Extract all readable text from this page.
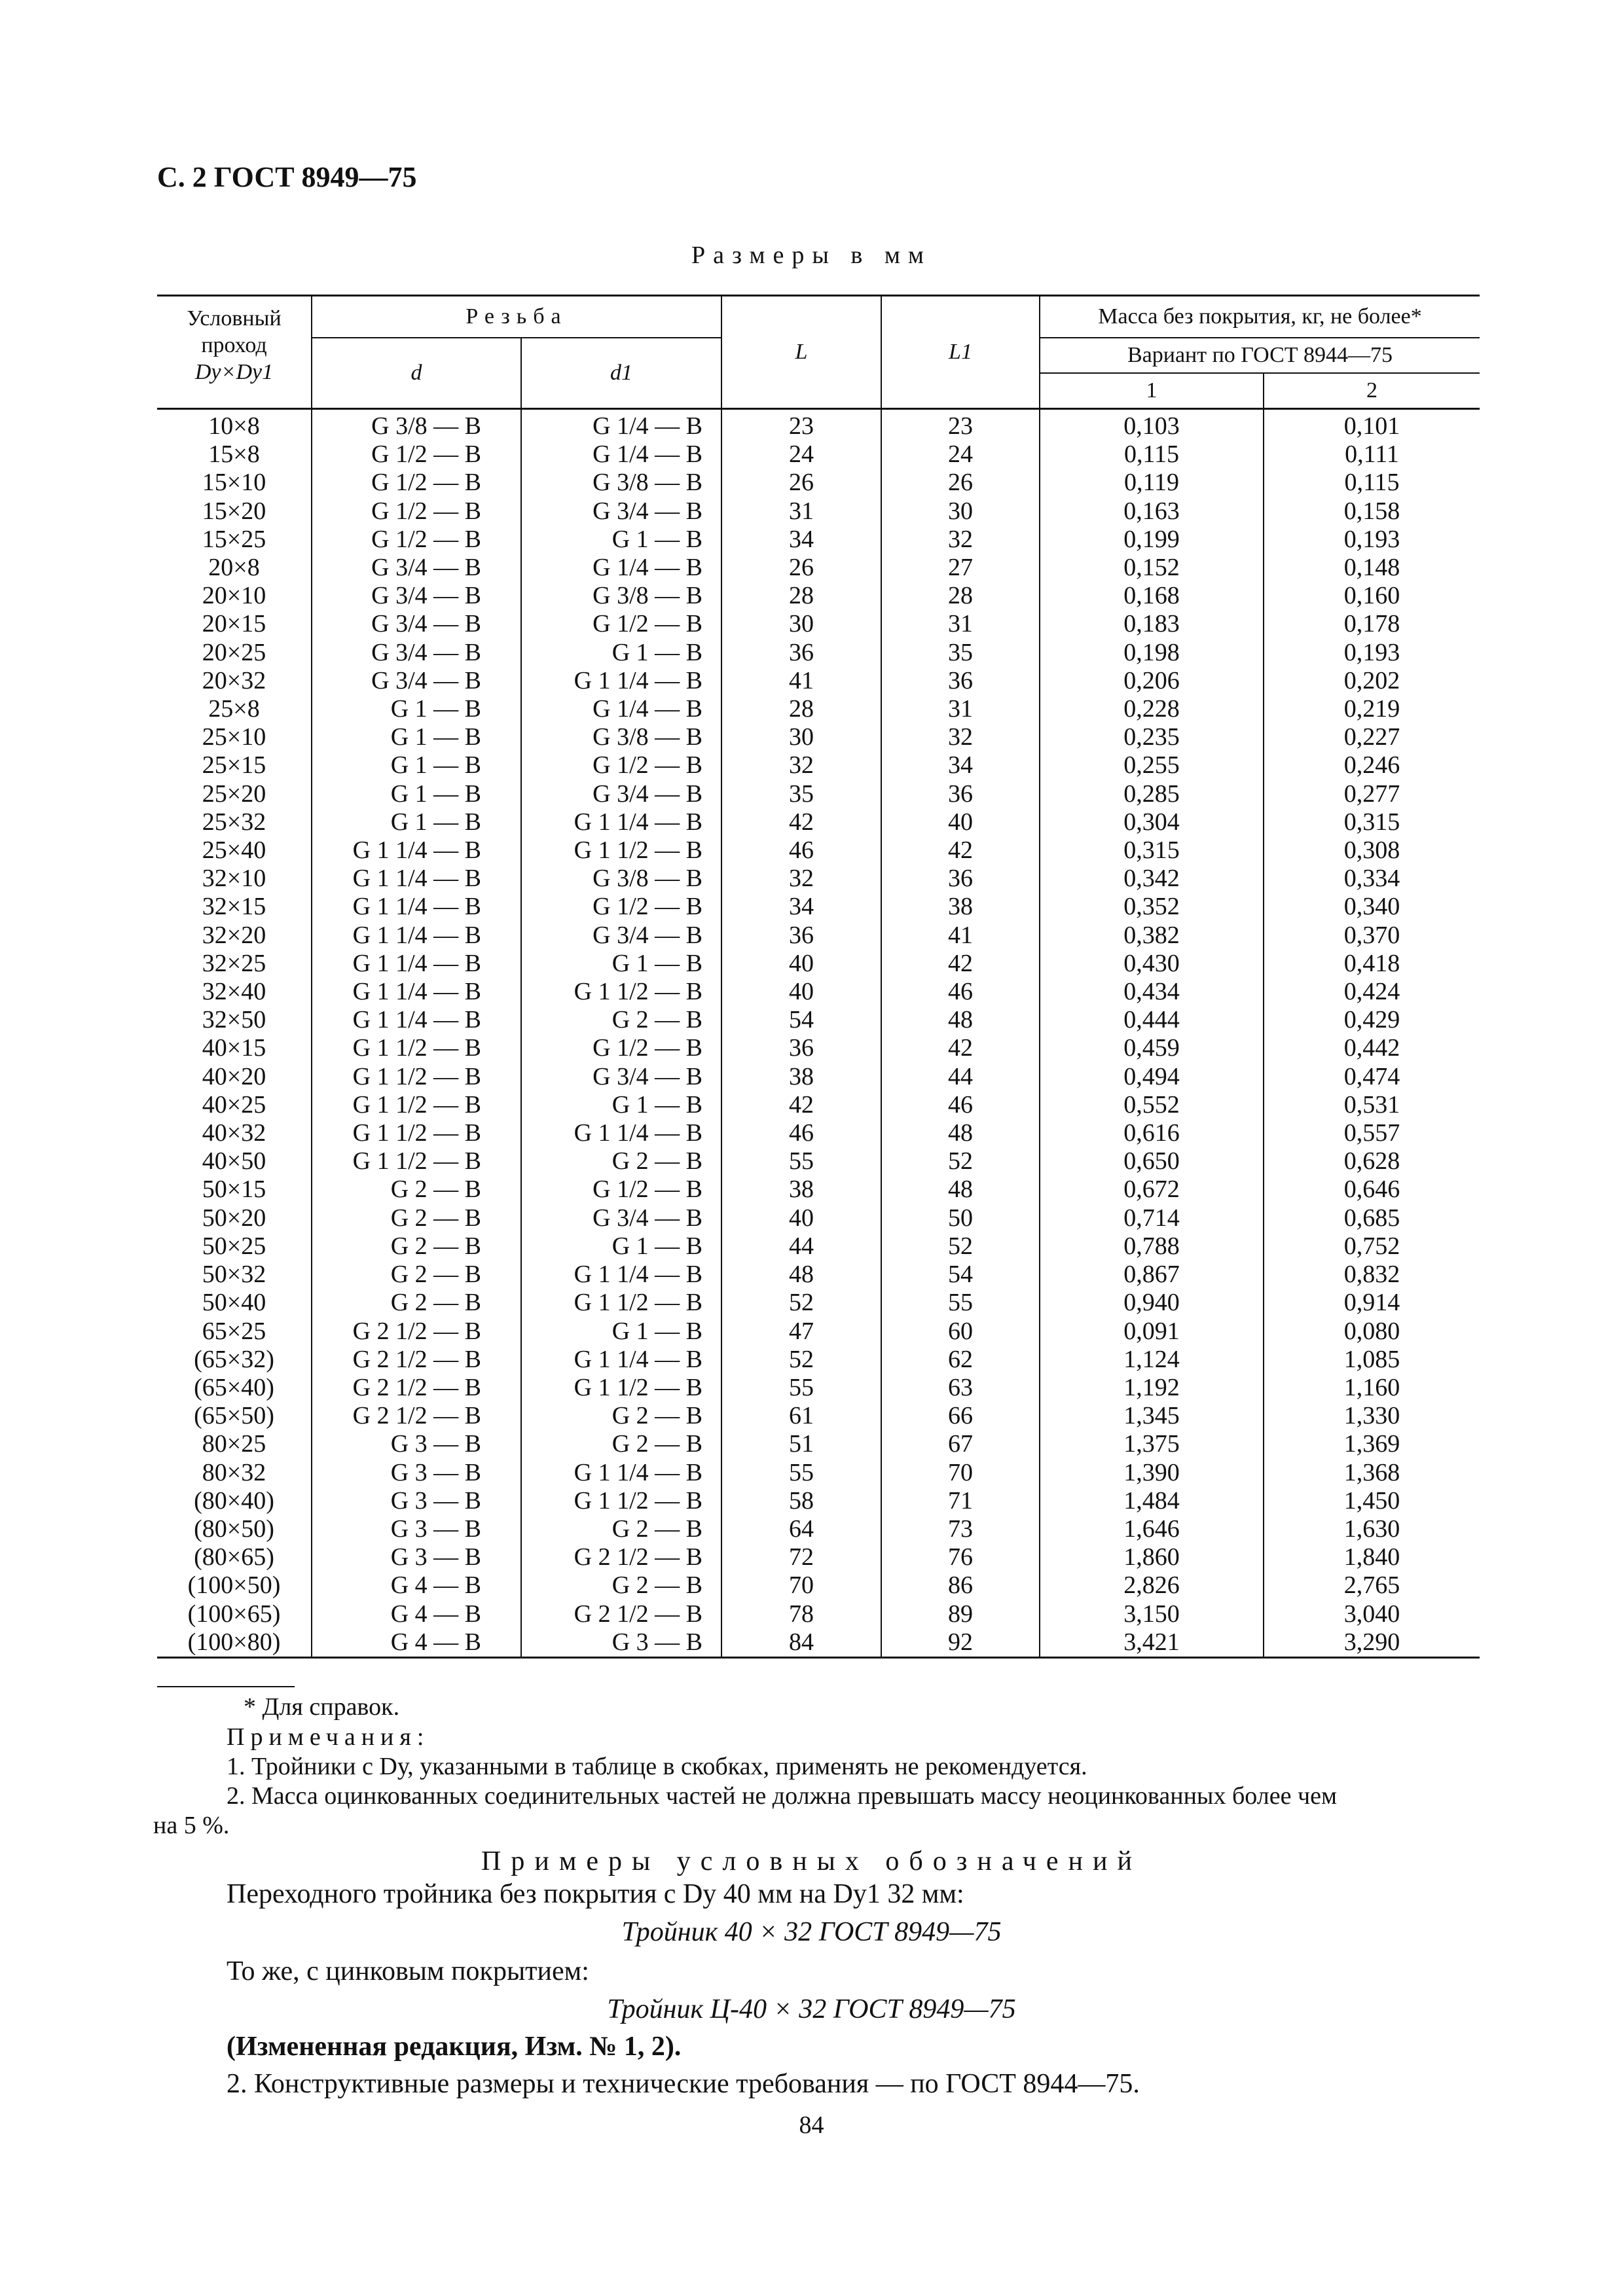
С. 2 ГОСТ 8949—75
Размеры в мм
Условный проход
Dy×Dy1	Резьба		L	L1	Масса без покрытия, кг, не более*	
	d	d1			Вариант по ГОСТ 8944—75	
					1	2
10×8	G 3/8 — B	G 1/4 — B	23	23	0,103	0,101
15×8	G 1/2 — B	G 1/4 — B	24	24	0,115	0,111
15×10	G 1/2 — B	G 3/8 — B	26	26	0,119	0,115
15×20	G 1/2 — B	G 3/4 — B	31	30	0,163	0,158
15×25	G 1/2 — B	G 1 — B	34	32	0,199	0,193
20×8	G 3/4 — B	G 1/4 — B	26	27	0,152	0,148
20×10	G 3/4 — B	G 3/8 — B	28	28	0,168	0,160
20×15	G 3/4 — B	G 1/2 — B	30	31	0,183	0,178
20×25	G 3/4 — B	G 1 — B	36	35	0,198	0,193
20×32	G 3/4 — B	G 1 1/4 — B	41	36	0,206	0,202
25×8	G 1 — B	G 1/4 — B	28	31	0,228	0,219
25×10	G 1 — B	G 3/8 — B	30	32	0,235	0,227
25×15	G 1 — B	G 1/2 — B	32	34	0,255	0,246
25×20	G 1 — B	G 3/4 — B	35	36	0,285	0,277
25×32	G 1 — B	G 1 1/4 — B	42	40	0,304	0,315
25×40	G 1 1/4 — B	G 1 1/2 — B	46	42	0,315	0,308
32×10	G 1 1/4 — B	G 3/8 — B	32	36	0,342	0,334
32×15	G 1 1/4 — B	G 1/2 — B	34	38	0,352	0,340
32×20	G 1 1/4 — B	G 3/4 — B	36	41	0,382	0,370
32×25	G 1 1/4 — B	G 1 — B	40	42	0,430	0,418
32×40	G 1 1/4 — B	G 1 1/2 — B	40	46	0,434	0,424
32×50	G 1 1/4 — B	G 2 — B	54	48	0,444	0,429
40×15	G 1 1/2 — B	G 1/2 — B	36	42	0,459	0,442
40×20	G 1 1/2 — B	G 3/4 — B	38	44	0,494	0,474
40×25	G 1 1/2 — B	G 1 — B	42	46	0,552	0,531
40×32	G 1 1/2 — B	G 1 1/4 — B	46	48	0,616	0,557
40×50	G 1 1/2 — B	G 2 — B	55	52	0,650	0,628
50×15	G 2 — B	G 1/2 — B	38	48	0,672	0,646
50×20	G 2 — B	G 3/4 — B	40	50	0,714	0,685
50×25	G 2 — B	G 1 — B	44	52	0,788	0,752
50×32	G 2 — B	G 1 1/4 — B	48	54	0,867	0,832
50×40	G 2 — B	G 1 1/2 — B	52	55	0,940	0,914
65×25	G 2 1/2 — B	G 1 — B	47	60	0,091	0,080
(65×32)	G 2 1/2 — B	G 1 1/4 — B	52	62	1,124	1,085
(65×40)	G 2 1/2 — B	G 1 1/2 — B	55	63	1,192	1,160
(65×50)	G 2 1/2 — B	G 2 — B	61	66	1,345	1,330
80×25	G 3 — B	G 2 — B	51	67	1,375	1,369
80×32	G 3 — B	G 1 1/4 — B	55	70	1,390	1,368
(80×40)	G 3 — B	G 1 1/2 — B	58	71	1,484	1,450
(80×50)	G 3 — B	G 2 — B	64	73	1,646	1,630
(80×65)	G 3 — B	G 2 1/2 — B	72	76	1,860	1,840
(100×50)	G 4 — B	G 2 — B	70	86	2,826	2,765
(100×65)	G 4 — B	G 2 1/2 — B	78	89	3,150	3,040
(100×80)	G 4 — B	G 3 — B	84	92	3,421	3,290
* Для справок.
Примечания:
1. Тройники с Dу, указанными в таблице в скобках, применять не рекомендуется.
2. Масса оцинкованных соединительных частей не должна превышать массу неоцинкованных более чем
на 5 %.
Примеры условных обозначений
Переходного тройника без покрытия с Dу 40 мм на Dу1 32 мм:
Тройник 40 × 32 ГОСТ 8949—75
То же, с цинковым покрытием:
Тройник Ц-40 × 32 ГОСТ 8949—75
(Измененная редакция, Изм. № 1, 2).
2. Конструктивные размеры и технические требования — по ГОСТ 8944—75.
84
